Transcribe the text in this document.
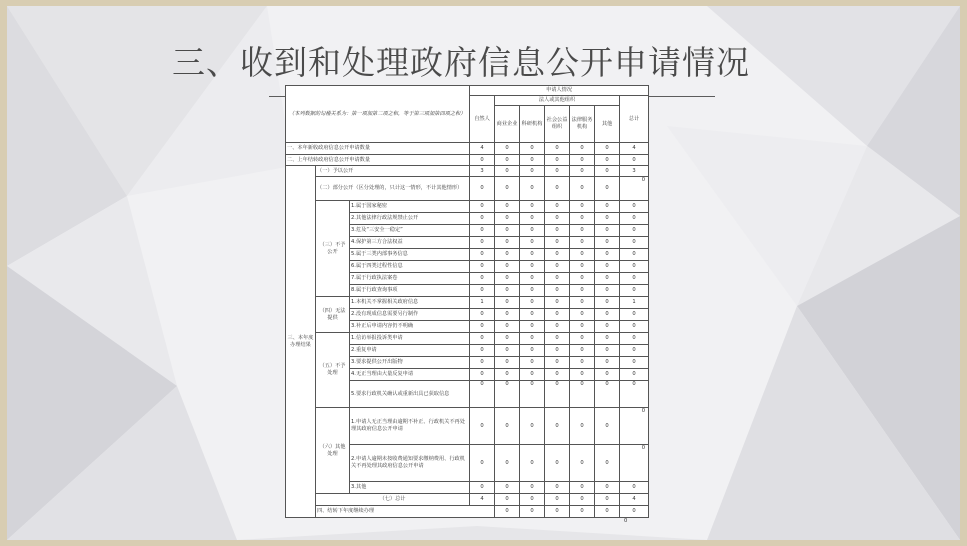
三、收到和处理政府信息公开申请情况
（本列数据的勾稽关系为：第一项加第二项之和，等于第三项加第四项之和）			申请人情况							
			自然人	法人或其他组织					总计	
				商业企业	科研机构	社会公益组织	法律服务机构	其他		
一、本年新收政府信息公开申请数量			4	0	0	0	0	0	4	
二、上年结转政府信息公开申请数量			0	0	0	0	0	0	0	
三、本年度办理结果	（一）予以公开		3	0	0	0	0	0	3	
	（二）部分公开（区分处理的，只计这一情形，不计其他情形）		0	0	0	0	0	0	0	
	（三）不予公开	1.属于国家秘密	0	0	0	0	0	0	0	
		2.其他法律行政法规禁止公开	0	0	0	0	0	0	0	
		3.危及“三安全一稳定”	0	0	0	0	0	0	0	
		4.保护第三方合法权益	0	0	0	0	0	0	0	
		5.属于三类内部事务信息	0	0	0	0	0	0	0	
		6.属于四类过程性信息	0	0	0	0	0	0	0	
		7.属于行政执法案卷	0	0	0	0	0	0	0	
		8.属于行政查询事项	0	0	0	0	0	0	0	
	（四）无法提供	1.本机关不掌握相关政府信息	1	0	0	0	0	0	1	
		2.没有现成信息需要另行制作	0	0	0	0	0	0	0	
		3.补正后申请内容仍不明确	0	0	0	0	0	0	0	
	（五）不予处理	1.信访举报投诉类申请	0	0	0	0	0	0	0	
		2.重复申请	0	0	0	0	0	0	0	
		3.要求提供公开出版物	0	0	0	0	0	0	0	
		4.无正当理由大量反复申请	0	0	0	0	0	0	0	
		5.要求行政机关确认或重新出具已获取信息	0	0	0	0	0	0	0	
	（六）其他处理	1.申请人无正当理由逾期不补正、行政机关不再处理其政府信息公开申请	0	0	0	0	0	0	0	
		2.申请人逾期未按收费通知要求缴纳费用、行政机关不再处理其政府信息公开申请	0	0	0	0	0	0	0	
		3.其他	0	0	0	0	0	0	0	
	（七）总计		4	0	0	0	0	0	4	
	四、结转下年度继续办理			0	0	0	0	0	0	
0
